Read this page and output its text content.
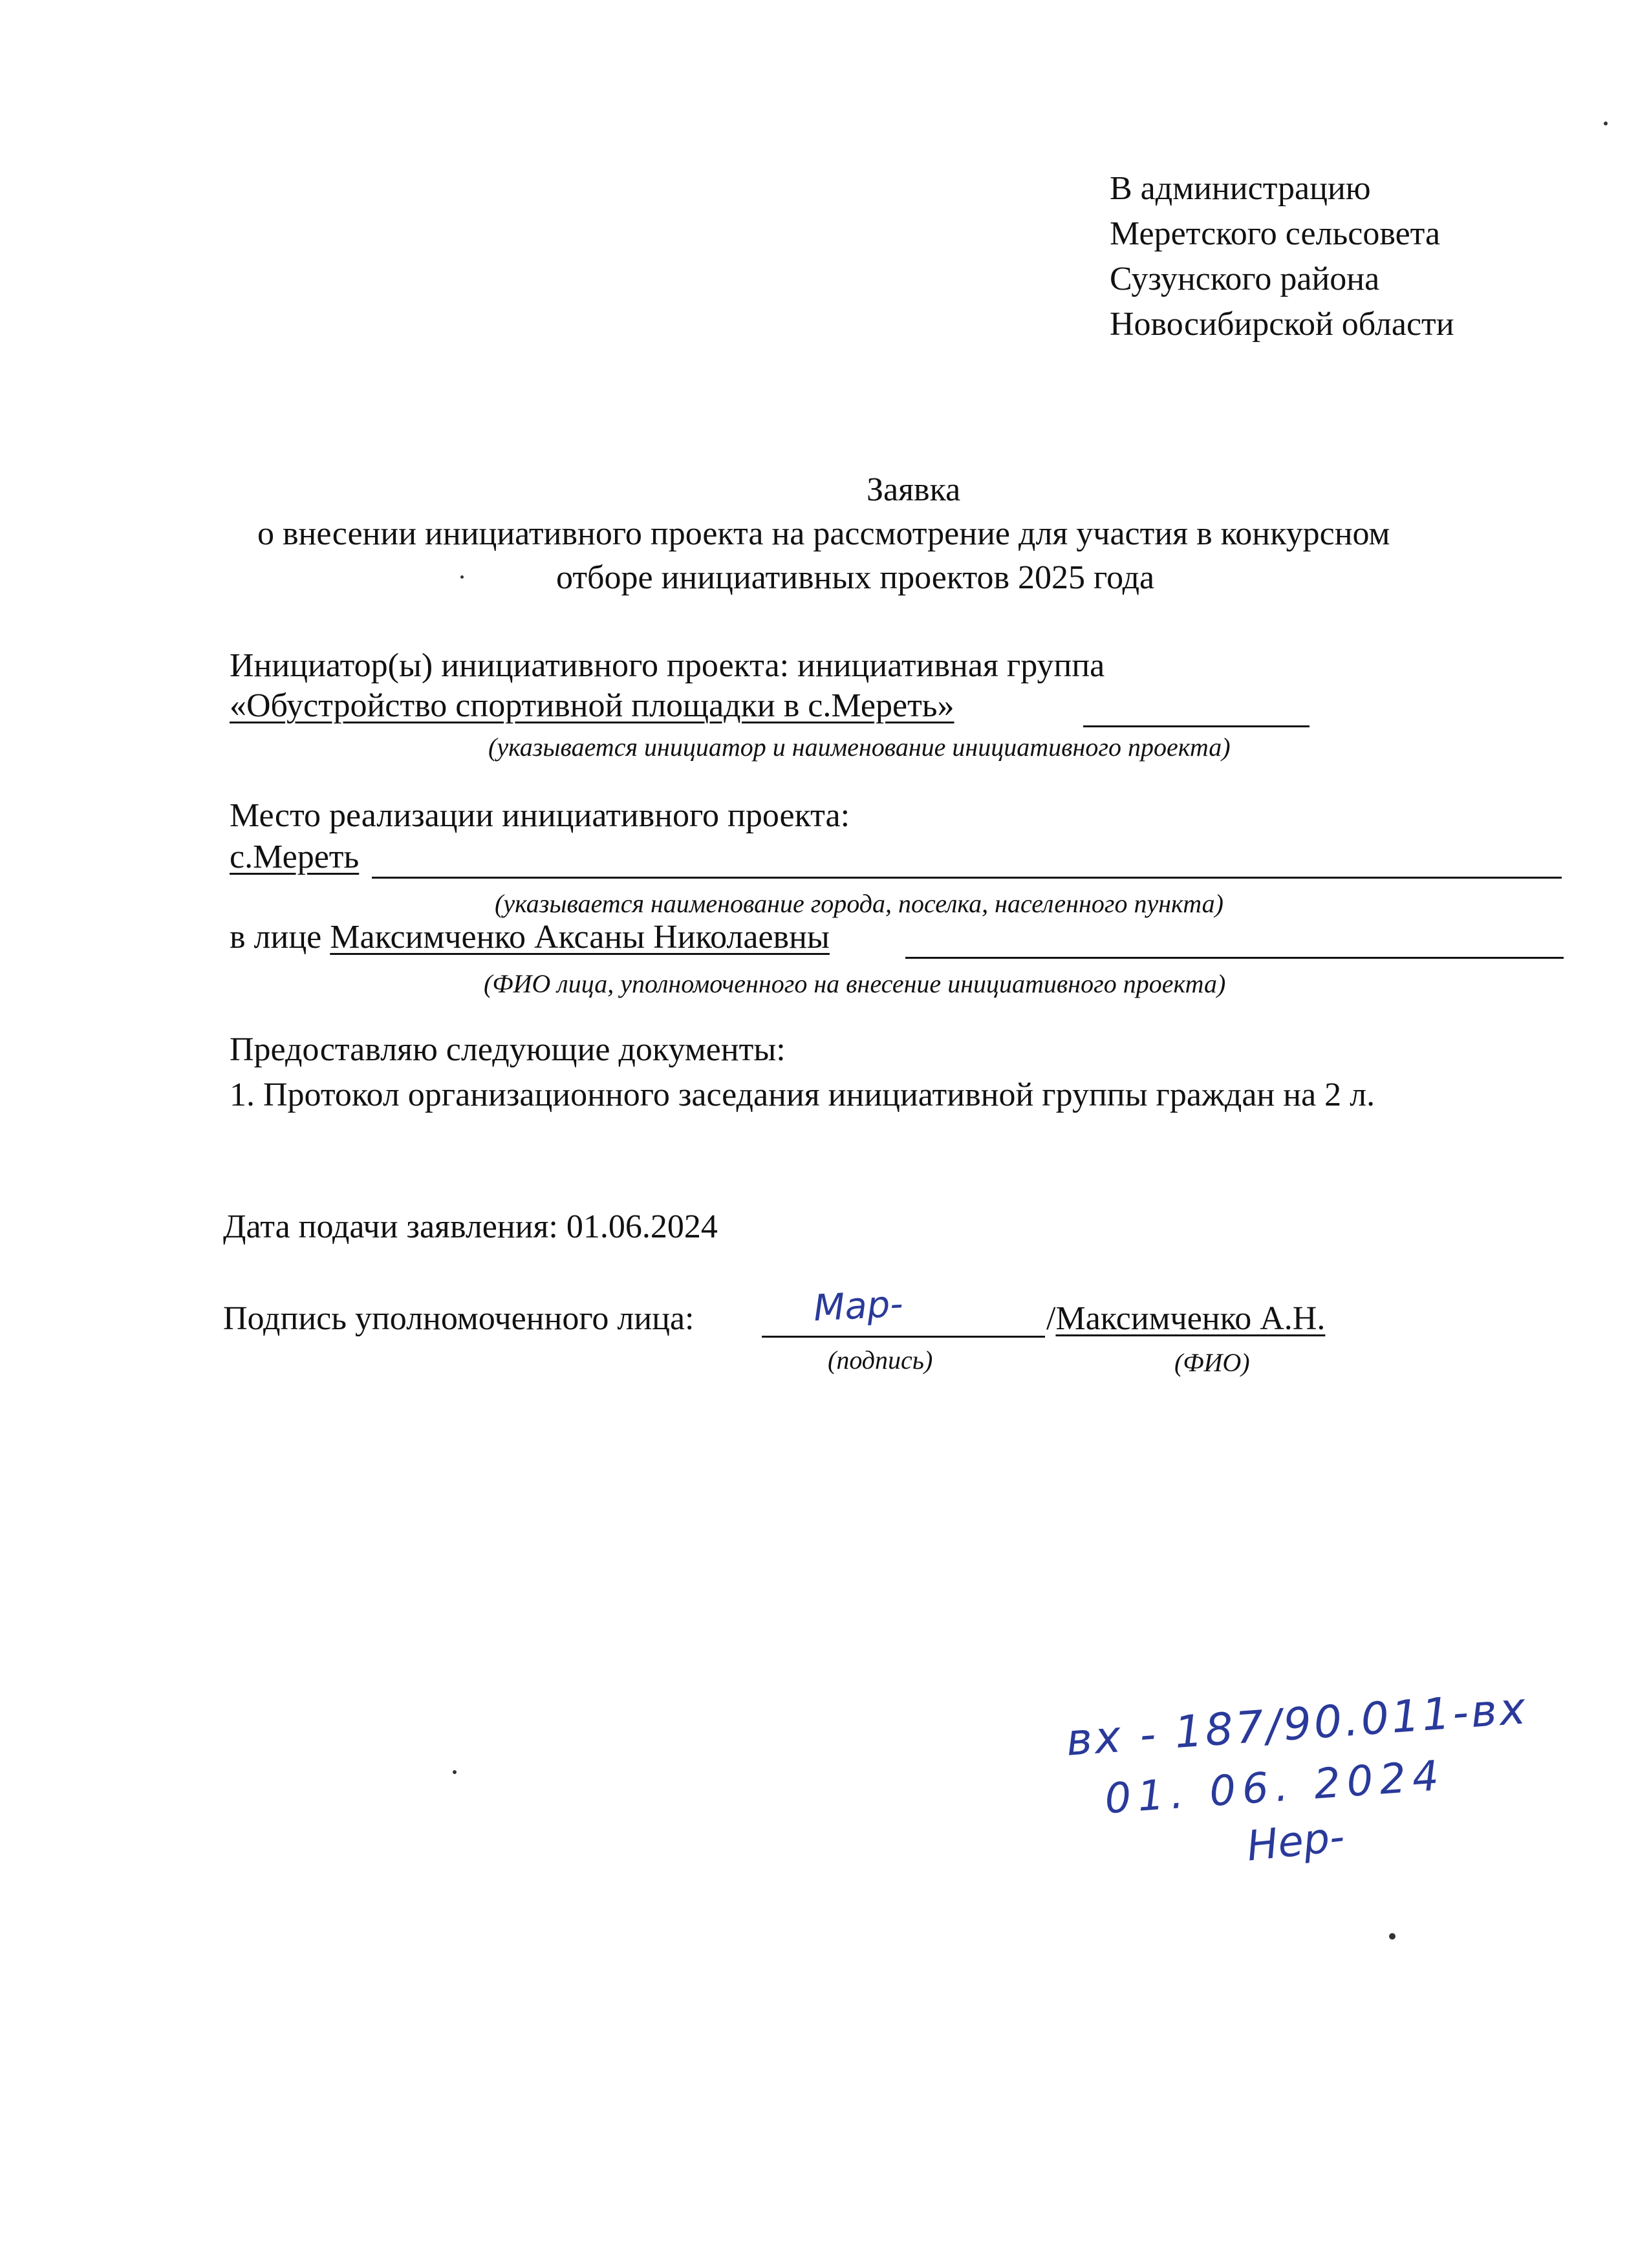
В администрацию
Меретского сельсовета
Сузунского района
Новосибирской области
Заявка
о внесении инициативного проекта на рассмотрение для участия в конкурсном
отборе инициативных проектов 2025 года
Инициатор(ы) инициативного проекта: инициативная группа
«Обустройство спортивной площадки в с.Мереть»
(указывается инициатор и наименование инициативного проекта)
Место реализации инициативного проекта:
с.Мереть
(указывается наименование города, поселка, населенного пункта)
в лице Максимченко Аксаны Николаевны
(ФИО лица, уполномоченного на внесение инициативного проекта)
Предоставляю следующие документы:
1. Протокол организационного заседания инициативной группы граждан на 2 л.
Дата подачи заявления: 01.06.2024
Подпись уполномоченного лица:	Мар-	/Максимченко А.Н.
(подпись)	(ФИО)
вх - 187/90.011-вх
01. 06. 2024
Нер-
